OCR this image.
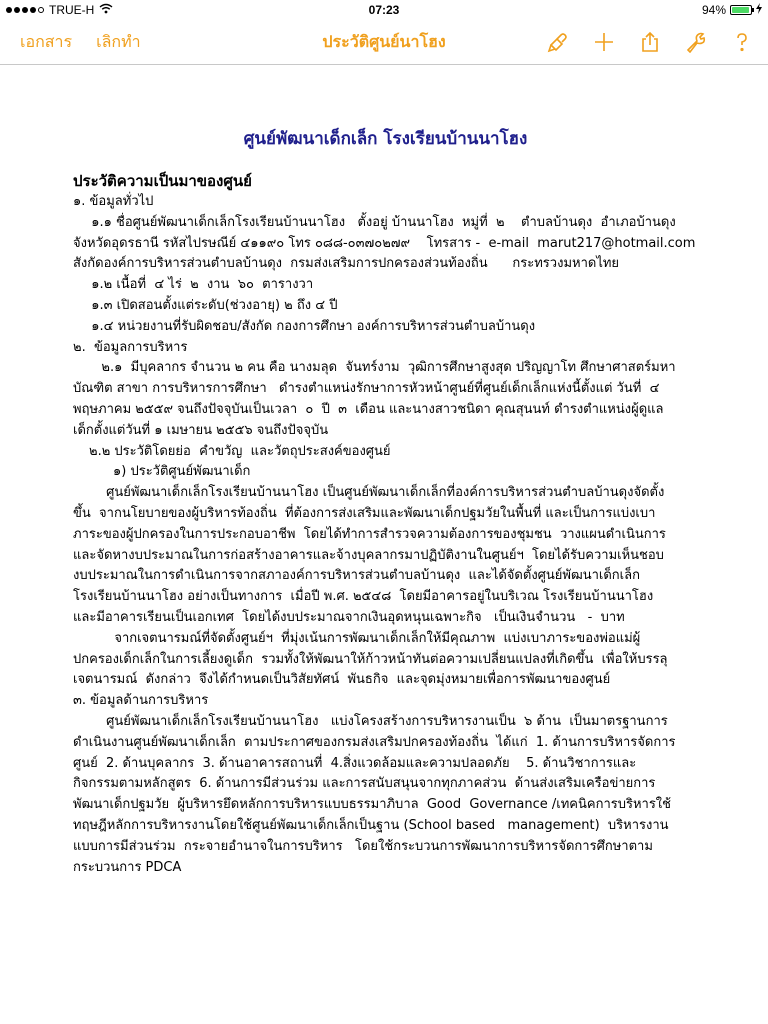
TRUE-H	07:23	94%
เอกสาร เลิกทำ	ประวัติศูนย์นาโฮง
ศูนย์พัฒนาเด็กเล็ก โรงเรียนบ้านนาโฮง
ประวัติความเป็นมาของศูนย์

๑. ข้อมูลทั่วไป

๑.๑ ชื่อศูนย์พัฒนาเด็กเล็กโรงเรียนบ้านนาโฮง   ตั้งอยู่ บ้านนาโฮง  หมู่ที่  ๒    ตำบลบ้านดุง  อำเภอบ้านดุง

จังหวัดอุดรธานี รหัสไปรษณีย์ ๔๑๑๙๐ โทร ๐๘๘-๐๓๗๐๒๗๙    โทรสาร -  e-mail  marut217@hotmail.com

สังกัดองค์การบริหารส่วนตำบลบ้านดุง  กรมส่งเสริมการปกครองส่วนท้องถิ่น      กระทรวงมหาดไทย

๑.๒ เนื้อที่  ๔ ไร่  ๒  งาน  ๖๐  ตารางวา

๑.๓ เปิดสอนตั้งแต่ระดับ(ช่วงอายุ) ๒ ถึง ๔ ปี

๑.๔ หน่วยงานที่รับผิดชอบ/สังกัด กองการศึกษา องค์การบริหารส่วนตำบลบ้านดุง

๒.  ข้อมูลการบริหาร

๒.๑  มีบุคลากร จำนวน ๒ คน คือ นางมลุด  จันทร์งาม  วุฒิการศึกษาสูงสุด ปริญญาโท ศึกษาศาสตร์มหา

บัณฑิต สาขา การบริหารการศึกษา   ดำรงตำแหน่งรักษาการหัวหน้าศูนย์ที่ศูนย์เด็กเล็กแห่งนี้ตั้งแต่ วันที่  ๔

พฤษภาคม ๒๕๕๙ จนถึงปัจจุบันเป็นเวลา  ๐  ปี  ๓  เดือน และนางสาวชนิดา คุณสุนนท์ ดำรงตำแหน่งผู้ดูแล

เด็กตั้งแต่วันที่ ๑ เมษายน ๒๕๕๖ จนถึงปัจจุบัน

๒.๒ ประวัติโดยย่อ  คำขวัญ  และวัตถุประสงค์ของศูนย์

๑) ประวัติศูนย์พัฒนาเด็ก

ศูนย์พัฒนาเด็กเล็กโรงเรียนบ้านนาโฮง เป็นศูนย์พัฒนาเด็กเล็กที่องค์การบริหารส่วนตำบลบ้านดุงจัดตั้ง

ขึ้น  จากนโยบายของผู้บริหารท้องถิ่น  ที่ต้องการส่งเสริมและพัฒนาเด็กปฐมวัยในพื้นที่ และเป็นการแบ่งเบา

ภาระของผู้ปกครองในการประกอบอาชีพ  โดยได้ทำการสำรวจความต้องการของชุมชน  วางแผนดำเนินการ

และจัดหางบประมาณในการก่อสร้างอาคารและจ้างบุคลากรมาปฏิบัติงานในศูนย์ฯ  โดยได้รับความเห็นชอบ

งบประมาณในการดำเนินการจากสภาองค์การบริหารส่วนตำบลบ้านดุง  และได้จัดตั้งศูนย์พัฒนาเด็กเล็ก

โรงเรียนบ้านนาโฮง อย่างเป็นทางการ  เมื่อปี พ.ศ. ๒๕๔๘  โดยมีอาคารอยู่ในบริเวณ โรงเรียนบ้านนาโฮง

และมีอาคารเรียนเป็นเอกเทศ  โดยได้งบประมาณจากเงินอุดหนุนเฉพาะกิจ   เป็นเงินจำนวน   -  บาท

จากเจตนารมณ์ที่จัดตั้งศูนย์ฯ  ที่มุ่งเน้นการพัฒนาเด็กเล็กให้มีคุณภาพ  แบ่งเบาภาระของพ่อแม่ผู้

ปกครองเด็กเล็กในการเลี้ยงดูเด็ก  รวมทั้งให้พัฒนาให้ก้าวหน้าทันต่อความเปลี่ยนแปลงที่เกิดขึ้น  เพื่อให้บรรลุ

เจตนารมณ์  ดังกล่าว  จึงได้กำหนดเป็นวิสัยทัศน์  พันธกิจ  และจุดมุ่งหมายเพื่อการพัฒนาของศูนย์

๓. ข้อมูลด้านการบริหาร

ศูนย์พัฒนาเด็กเล็กโรงเรียนบ้านนาโฮง   แบ่งโครงสร้างการบริหารงานเป็น  ๖ ด้าน  เป็นมาตรฐานการ

ดำเนินงานศูนย์พัฒนาเด็กเล็ก  ตามประกาศของกรมส่งเสริมปกครองท้องถิ่น  ได้แก่  1. ด้านการบริหารจัดการ

ศูนย์  2. ด้านบุคลากร  3. ด้านอาคารสถานที่  4.สิ่งแวดล้อมและความปลอดภัย    5. ด้านวิชาการและ

กิจกรรมตามหลักสูตร  6. ด้านการมีส่วนร่วม และการสนับสนุนจากทุกภาคส่วน  ด้านส่งเสริมเครือข่ายการ

พัฒนาเด็กปฐมวัย  ผู้บริหารยึดหลักการบริหารแบบธรรมาภิบาล  Good  Governance /เทคนิคการบริหารใช้

ทฤษฎีหลักการบริหารงานโดยใช้ศูนย์พัฒนาเด็กเล็กเป็นฐาน (School based   management)  บริหารงาน

แบบการมีส่วนร่วม  กระจายอำนาจในการบริหาร   โดยใช้กระบวนการพัฒนาการบริหารจัดการศึกษาตาม

กระบวนการ PDCA
